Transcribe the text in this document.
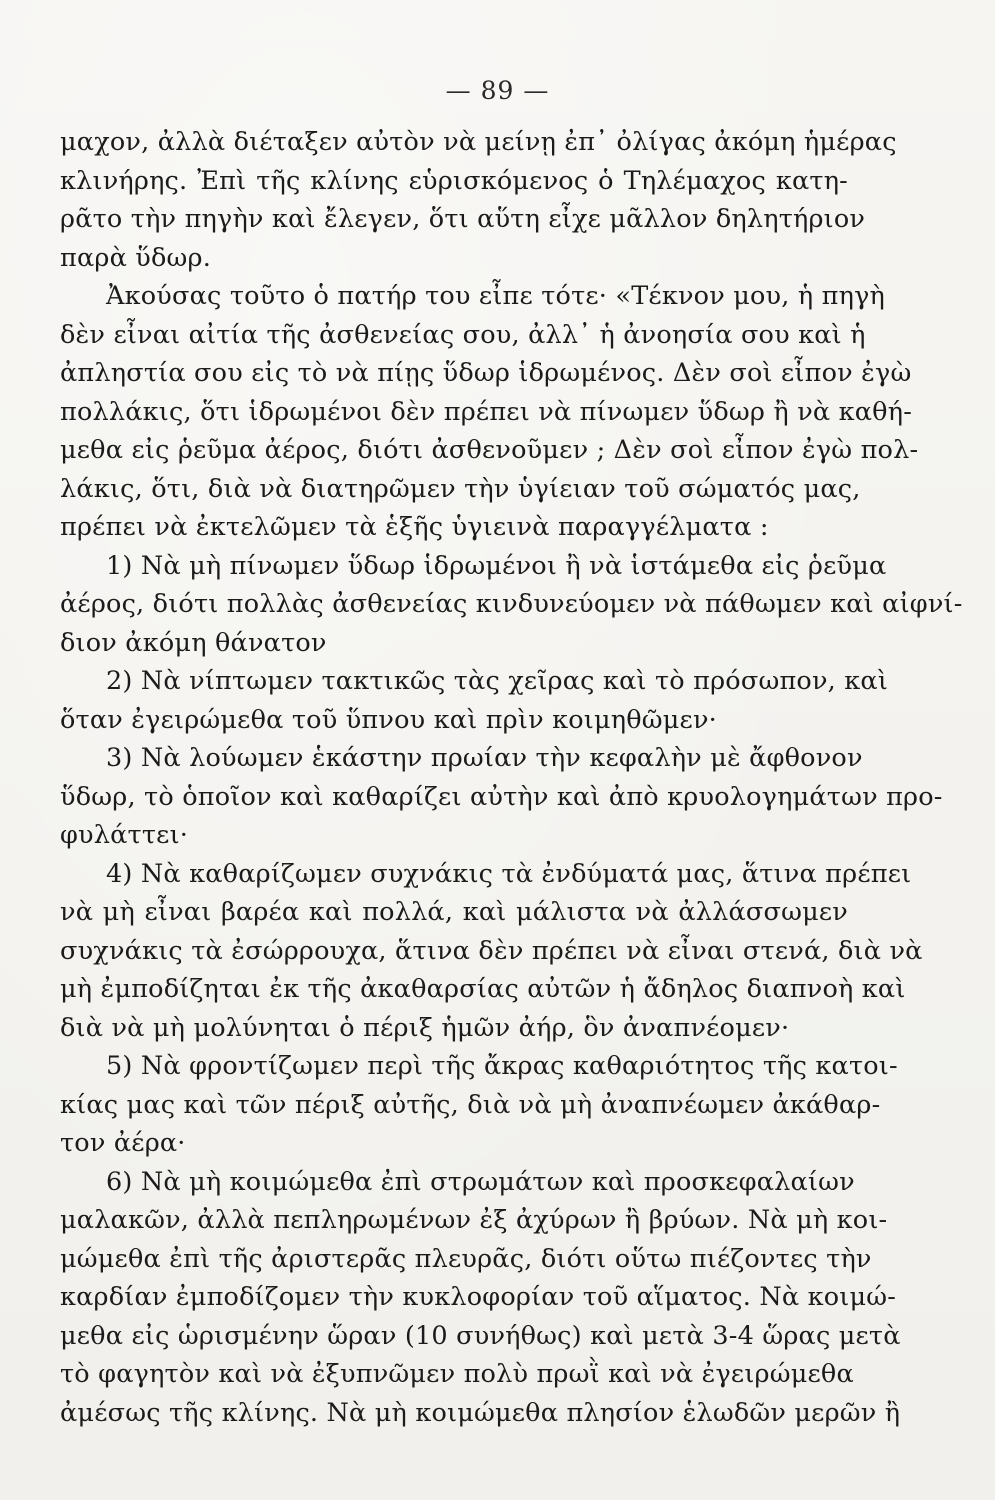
— 89 —
μαχον, ἀλλὰ διέταξεν αὐτὸν νὰ μείνῃ ἐπ᾽ ὀλίγας ἀκόμη ἡμέρας
κλινήρης. Ἐπὶ τῆς κλίνης εὑρισκόμενος ὁ Τηλέμαχος κατη-
ρᾶτο τὴν πηγὴν καὶ ἔλεγεν, ὅτι αὕτη εἶχε μᾶλλον δηλητήριον
παρὰ ὕδωρ.
Ἀκούσας τοῦτο ὁ πατήρ του εἶπε τότε· «Τέκνον μου, ἡ πηγὴ
δὲν εἶναι αἰτία τῆς ἀσθενείας σου, ἀλλ᾽ ἡ ἀνοησία σου καὶ ἡ
ἀπληστία σου εἰς τὸ νὰ πίῃς ὕδωρ ἱδρωμένος. Δὲν σοὶ εἶπον ἐγὼ
πολλάκις, ὅτι ἱδρωμένοι δὲν πρέπει νὰ πίνωμεν ὕδωρ ἢ νὰ καθή-
μεθα εἰς ῥεῦμα ἀέρος, διότι ἀσθενοῦμεν ; Δὲν σοὶ εἶπον ἐγὼ πολ-
λάκις, ὅτι, διὰ νὰ διατηρῶμεν τὴν ὑγίειαν τοῦ σώματός μας,
πρέπει νὰ ἐκτελῶμεν τὰ ἑξῆς ὑγιεινὰ παραγγέλματα :
1) Νὰ μὴ πίνωμεν ὕδωρ ἱδρωμένοι ἢ νὰ ἱστάμεθα εἰς ῥεῦμα
ἀέρος, διότι πολλὰς ἀσθενείας κινδυνεύομεν νὰ πάθωμεν καὶ αἰφνί-
διον ἀκόμη θάνατον
2) Νὰ νίπτωμεν τακτικῶς τὰς χεῖρας καὶ τὸ πρόσωπον, καὶ
ὅταν ἐγειρώμεθα τοῦ ὕπνου καὶ πρὶν κοιμηθῶμεν·
3) Νὰ λούωμεν ἑκάστην πρωίαν τὴν κεφαλὴν μὲ ἄφθονον
ὕδωρ, τὸ ὁποῖον καὶ καθαρίζει αὐτὴν καὶ ἀπὸ κρυολογημάτων προ-
φυλάττει·
4) Νὰ καθαρίζωμεν συχνάκις τὰ ἐνδύματά μας, ἅτινα πρέπει
νὰ μὴ εἶναι βαρέα καὶ πολλά, καὶ μάλιστα νὰ ἀλλάσσωμεν
συχνάκις τὰ ἐσώρρουχα, ἅτινα δὲν πρέπει νὰ εἶναι στενά, διὰ νὰ
μὴ ἐμποδίζηται ἐκ τῆς ἀκαθαρσίας αὐτῶν ἡ ἄδηλος διαπνοὴ καὶ
διὰ νὰ μὴ μολύνηται ὁ πέριξ ἡμῶν ἀήρ, ὃν ἀναπνέομεν·
5) Νὰ φροντίζωμεν περὶ τῆς ἄκρας καθαριότητος τῆς κατοι-
κίας μας καὶ τῶν πέριξ αὐτῆς, διὰ νὰ μὴ ἀναπνέωμεν ἀκάθαρ-
τον ἀέρα·
6) Νὰ μὴ κοιμώμεθα ἐπὶ στρωμάτων καὶ προσκεφαλαίων
μαλακῶν, ἀλλὰ πεπληρωμένων ἐξ ἀχύρων ἢ βρύων. Νὰ μὴ κοι-
μώμεθα ἐπὶ τῆς ἀριστερᾶς πλευρᾶς, διότι οὕτω πιέζοντες τὴν
καρδίαν ἐμποδίζομεν τὴν κυκλοφορίαν τοῦ αἵματος. Νὰ κοιμώ-
μεθα εἰς ὡρισμένην ὥραν (10 συνήθως) καὶ μετὰ 3-4 ὥρας μετὰ
τὸ φαγητὸν καὶ νὰ ἐξυπνῶμεν πολὺ πρωῒ καὶ νὰ ἐγειρώμεθα
ἀμέσως τῆς κλίνης. Νὰ μὴ κοιμώμεθα πλησίον ἑλωδῶν μερῶν ἢ
